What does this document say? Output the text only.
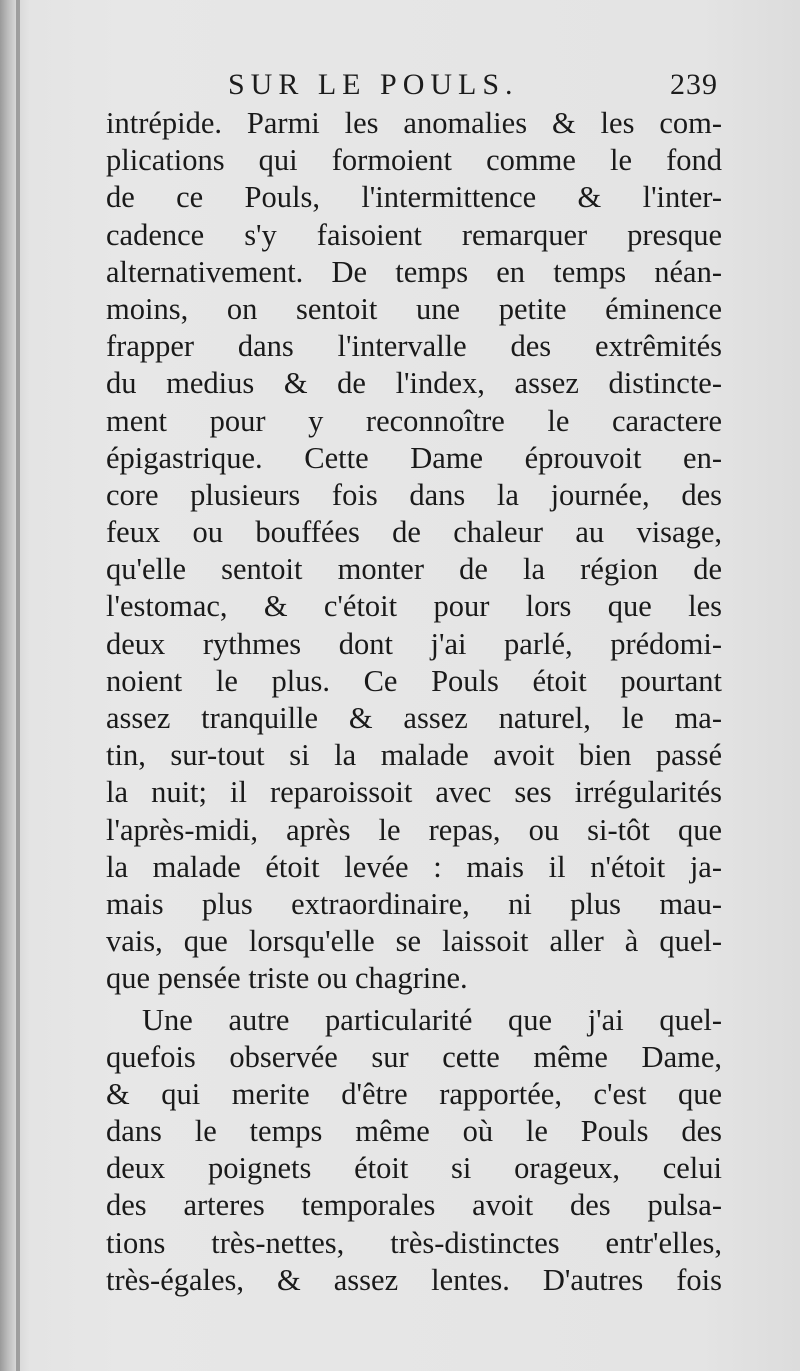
SUR LE POULS.	239
intrépide. Parmi les anomalies & les com-
plications qui formoient comme le fond
de ce Pouls, l'intermittence & l'inter-
cadence s'y faisoient remarquer presque
alternativement. De temps en temps néan-
moins, on sentoit une petite éminence
frapper dans l'intervalle des extrêmités
du medius & de l'index, assez distincte-
ment pour y reconnoître le caractere
épigastrique. Cette Dame éprouvoit en-
core plusieurs fois dans la journée, des
feux ou bouffées de chaleur au visage,
qu'elle sentoit monter de la région de
l'estomac, & c'étoit pour lors que les
deux rythmes dont j'ai parlé, prédomi-
noient le plus. Ce Pouls étoit pourtant
assez tranquille & assez naturel, le ma-
tin, sur-tout si la malade avoit bien passé
la nuit; il reparoissoit avec ses irrégularités
l'après-midi, après le repas, ou si-tôt que
la malade étoit levée : mais il n'étoit ja-
mais plus extraordinaire, ni plus mau-
vais, que lorsqu'elle se laissoit aller à quel-
que pensée triste ou chagrine.
Une autre particularité que j'ai quel-
quefois observée sur cette même Dame,
& qui merite d'être rapportée, c'est que
dans le temps même où le Pouls des
deux poignets étoit si orageux, celui
des arteres temporales avoit des pulsa-
tions très-nettes, très-distinctes entr'elles,
très-égales, & assez lentes. D'autres fois
